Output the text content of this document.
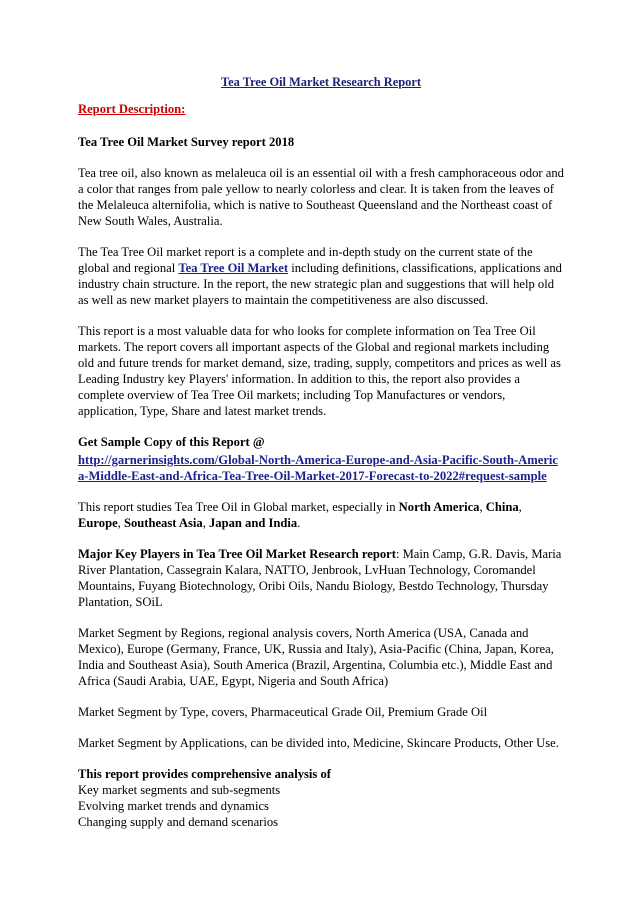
Tea Tree Oil Market Research Report
Report Description:

Tea Tree Oil Market Survey report 2018

Tea tree oil, also known as melaleuca oil is an essential oil with a fresh camphoraceous odor and a color that ranges from pale yellow to nearly colorless and clear. It is taken from the leaves of the Melaleuca alternifolia, which is native to Southeast Queensland and the Northeast coast of New South Wales, Australia.

The Tea Tree Oil market report is a complete and in-depth study on the current state of the global and regional Tea Tree Oil Market including definitions, classifications, applications and industry chain structure. In the report, the new strategic plan and suggestions that will help old as well as new market players to maintain the competitiveness are also discussed.

This report is a most valuable data for who looks for complete information on Tea Tree Oil markets. The report covers all important aspects of the Global and regional markets including old and future trends for market demand, size, trading, supply, competitors and prices as well as Leading Industry key Players' information. In addition to this, the report also provides a complete overview of Tea Tree Oil markets; including Top Manufactures or vendors, application, Type, Share and latest market trends.

Get Sample Copy of this Report @

http://garnerinsights.com/Global-North-America-Europe-and-Asia-Pacific-South-America-Middle-East-and-Africa-Tea-Tree-Oil-Market-2017-Forecast-to-2022#request-sample

This report studies Tea Tree Oil in Global market, especially in North America, China, Europe, Southeast Asia, Japan and India.

Major Key Players in Tea Tree Oil Market Research report: Main Camp, G.R. Davis, Maria River Plantation, Cassegrain Kalara, NATTO, Jenbrook, LvHuan Technology, Coromandel Mountains, Fuyang Biotechnology, Oribi Oils, Nandu Biology, Bestdo Technology, Thursday Plantation, SOiL

Market Segment by Regions, regional analysis covers, North America (USA, Canada and Mexico), Europe (Germany, France, UK, Russia and Italy), Asia-Pacific (China, Japan, Korea, India and Southeast Asia), South America (Brazil, Argentina, Columbia etc.), Middle East and Africa (Saudi Arabia, UAE, Egypt, Nigeria and South Africa)

Market Segment by Type, covers, Pharmaceutical Grade Oil, Premium Grade Oil

Market Segment by Applications, can be divided into, Medicine, Skincare Products, Other Use.

This report provides comprehensive analysis of
Key market segments and sub-segments
Evolving market trends and dynamics
Changing supply and demand scenarios
